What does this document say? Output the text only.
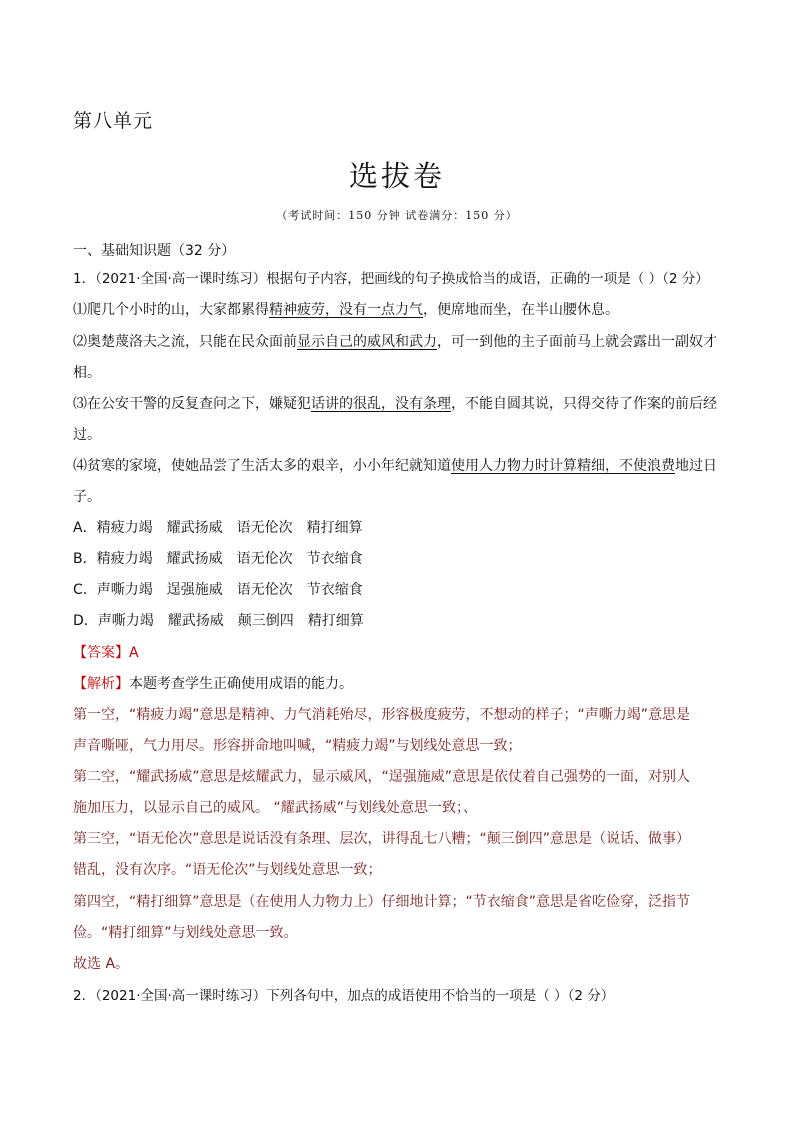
第八单元
选拔卷
（考试时间：150 分钟 试卷满分：150 分）
一、基础知识题（32 分）
1．（2021·全国·高一课时练习）根据句子内容，把画线的句子换成恰当的成语，正确的一项是（ ）（2 分）
⑴爬几个小时的山，大家都累得精神疲劳，没有一点力气，便席地而坐，在半山腰休息。
⑵奥楚蔑洛夫之流，只能在民众面前显示自己的威风和武力，可一到他的主子面前马上就会露出一副奴才
相。
⑶在公安干警的反复查问之下，嫌疑犯话讲的很乱，没有条理，不能自圆其说，只得交待了作案的前后经
过。
⑷贫寒的家境，使她品尝了生活太多的艰辛，小小年纪就知道使用人力物力时计算精细，不使浪费地过日
子。
A．精疲力竭 耀武扬威 语无伦次 精打细算
B．精疲力竭 耀武扬威 语无伦次 节衣缩食
C．声嘶力竭 逞强施威 语无伦次 节衣缩食
D．声嘶力竭 耀武扬威 颠三倒四 精打细算
【答案】A
【解析】本题考查学生正确使用成语的能力。
第一空，“精疲力竭”意思是精神、力气消耗殆尽，形容极度疲劳，不想动的样子；“声嘶力竭”意思是
声音嘶哑，气力用尽。形容拼命地叫喊，“精疲力竭”与划线处意思一致；
第二空，“耀武扬威”意思是炫耀武力，显示威风，“逞强施威”意思是依仗着自己强势的一面，对别人
施加压力，以显示自己的威风。 “耀武扬威”与划线处意思一致；、
第三空，“语无伦次”意思是说话没有条理、层次，讲得乱七八糟；“颠三倒四”意思是（说话、做事）
错乱，没有次序。“语无伦次”与划线处意思一致；
第四空，“精打细算”意思是（在使用人力物力上）仔细地计算；“节衣缩食”意思是省吃俭穿，泛指节
俭。“精打细算”与划线处意思一致。
故选 A。
2．（2021·全国·高一课时练习）下列各句中，加点的成语使用不恰当的一项是（ ）（2 分）
